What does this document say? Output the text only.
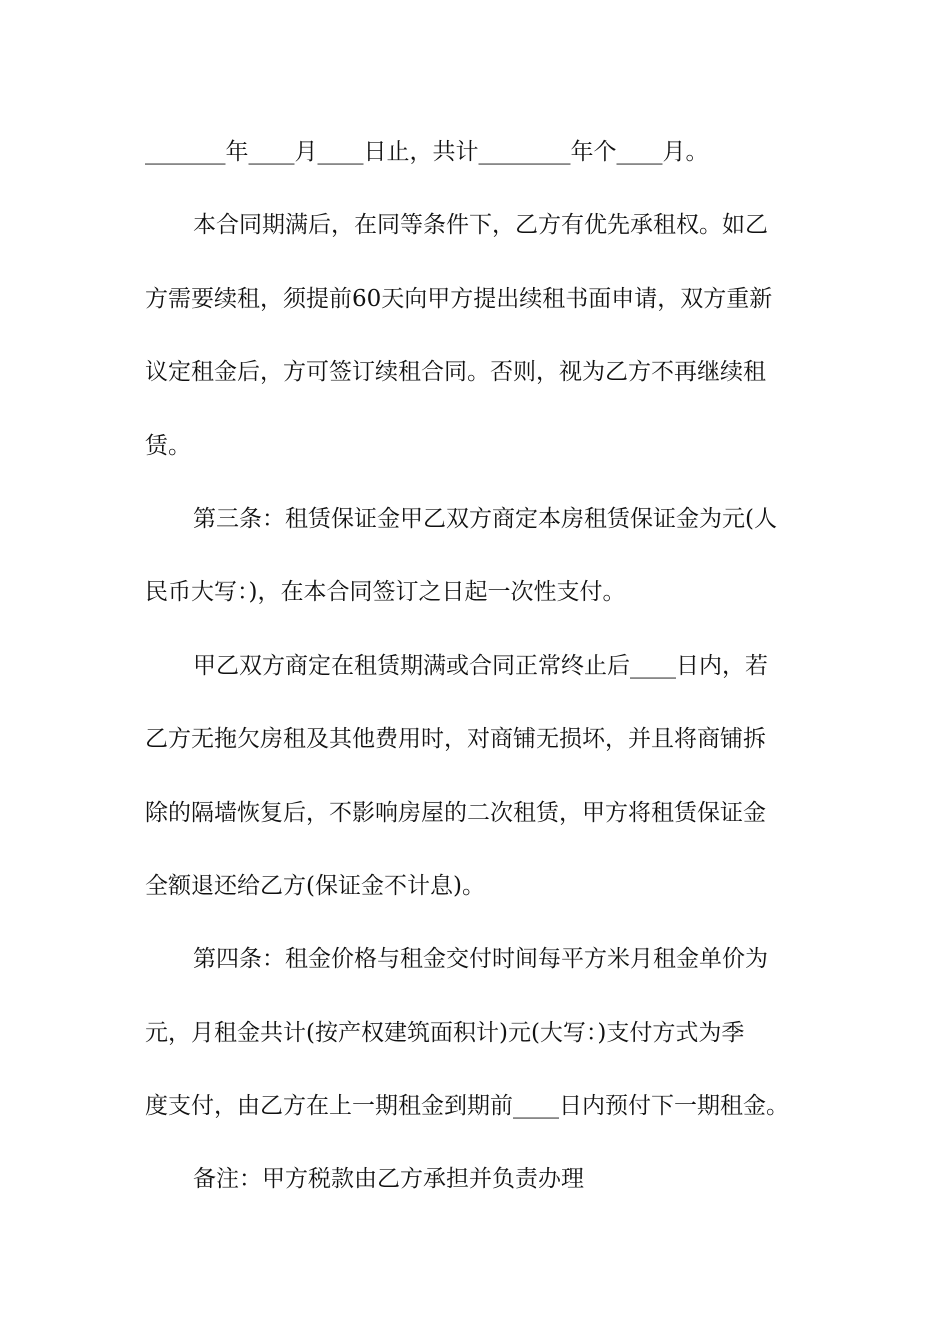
_______年____月____日止，共计________年个____月。
本合同期满后，在同等条件下，乙方有优先承租权。如乙
方需要续租，须提前60天向甲方提出续租书面申请，双方重新
议定租金后，方可签订续租合同。否则，视为乙方不再继续租
赁。
第三条：租赁保证金甲乙双方商定本房租赁保证金为元(人
民币大写：)，在本合同签订之日起一次性支付。
甲乙双方商定在租赁期满或合同正常终止后____日内，若
乙方无拖欠房租及其他费用时，对商铺无损坏，并且将商铺拆
除的隔墙恢复后，不影响房屋的二次租赁，甲方将租赁保证金
全额退还给乙方(保证金不计息)。
第四条：租金价格与租金交付时间每平方米月租金单价为
元，月租金共计(按产权建筑面积计)元(大写：)支付方式为季
度支付，由乙方在上一期租金到期前____日内预付下一期租金。
备注：甲方税款由乙方承担并负责办理
